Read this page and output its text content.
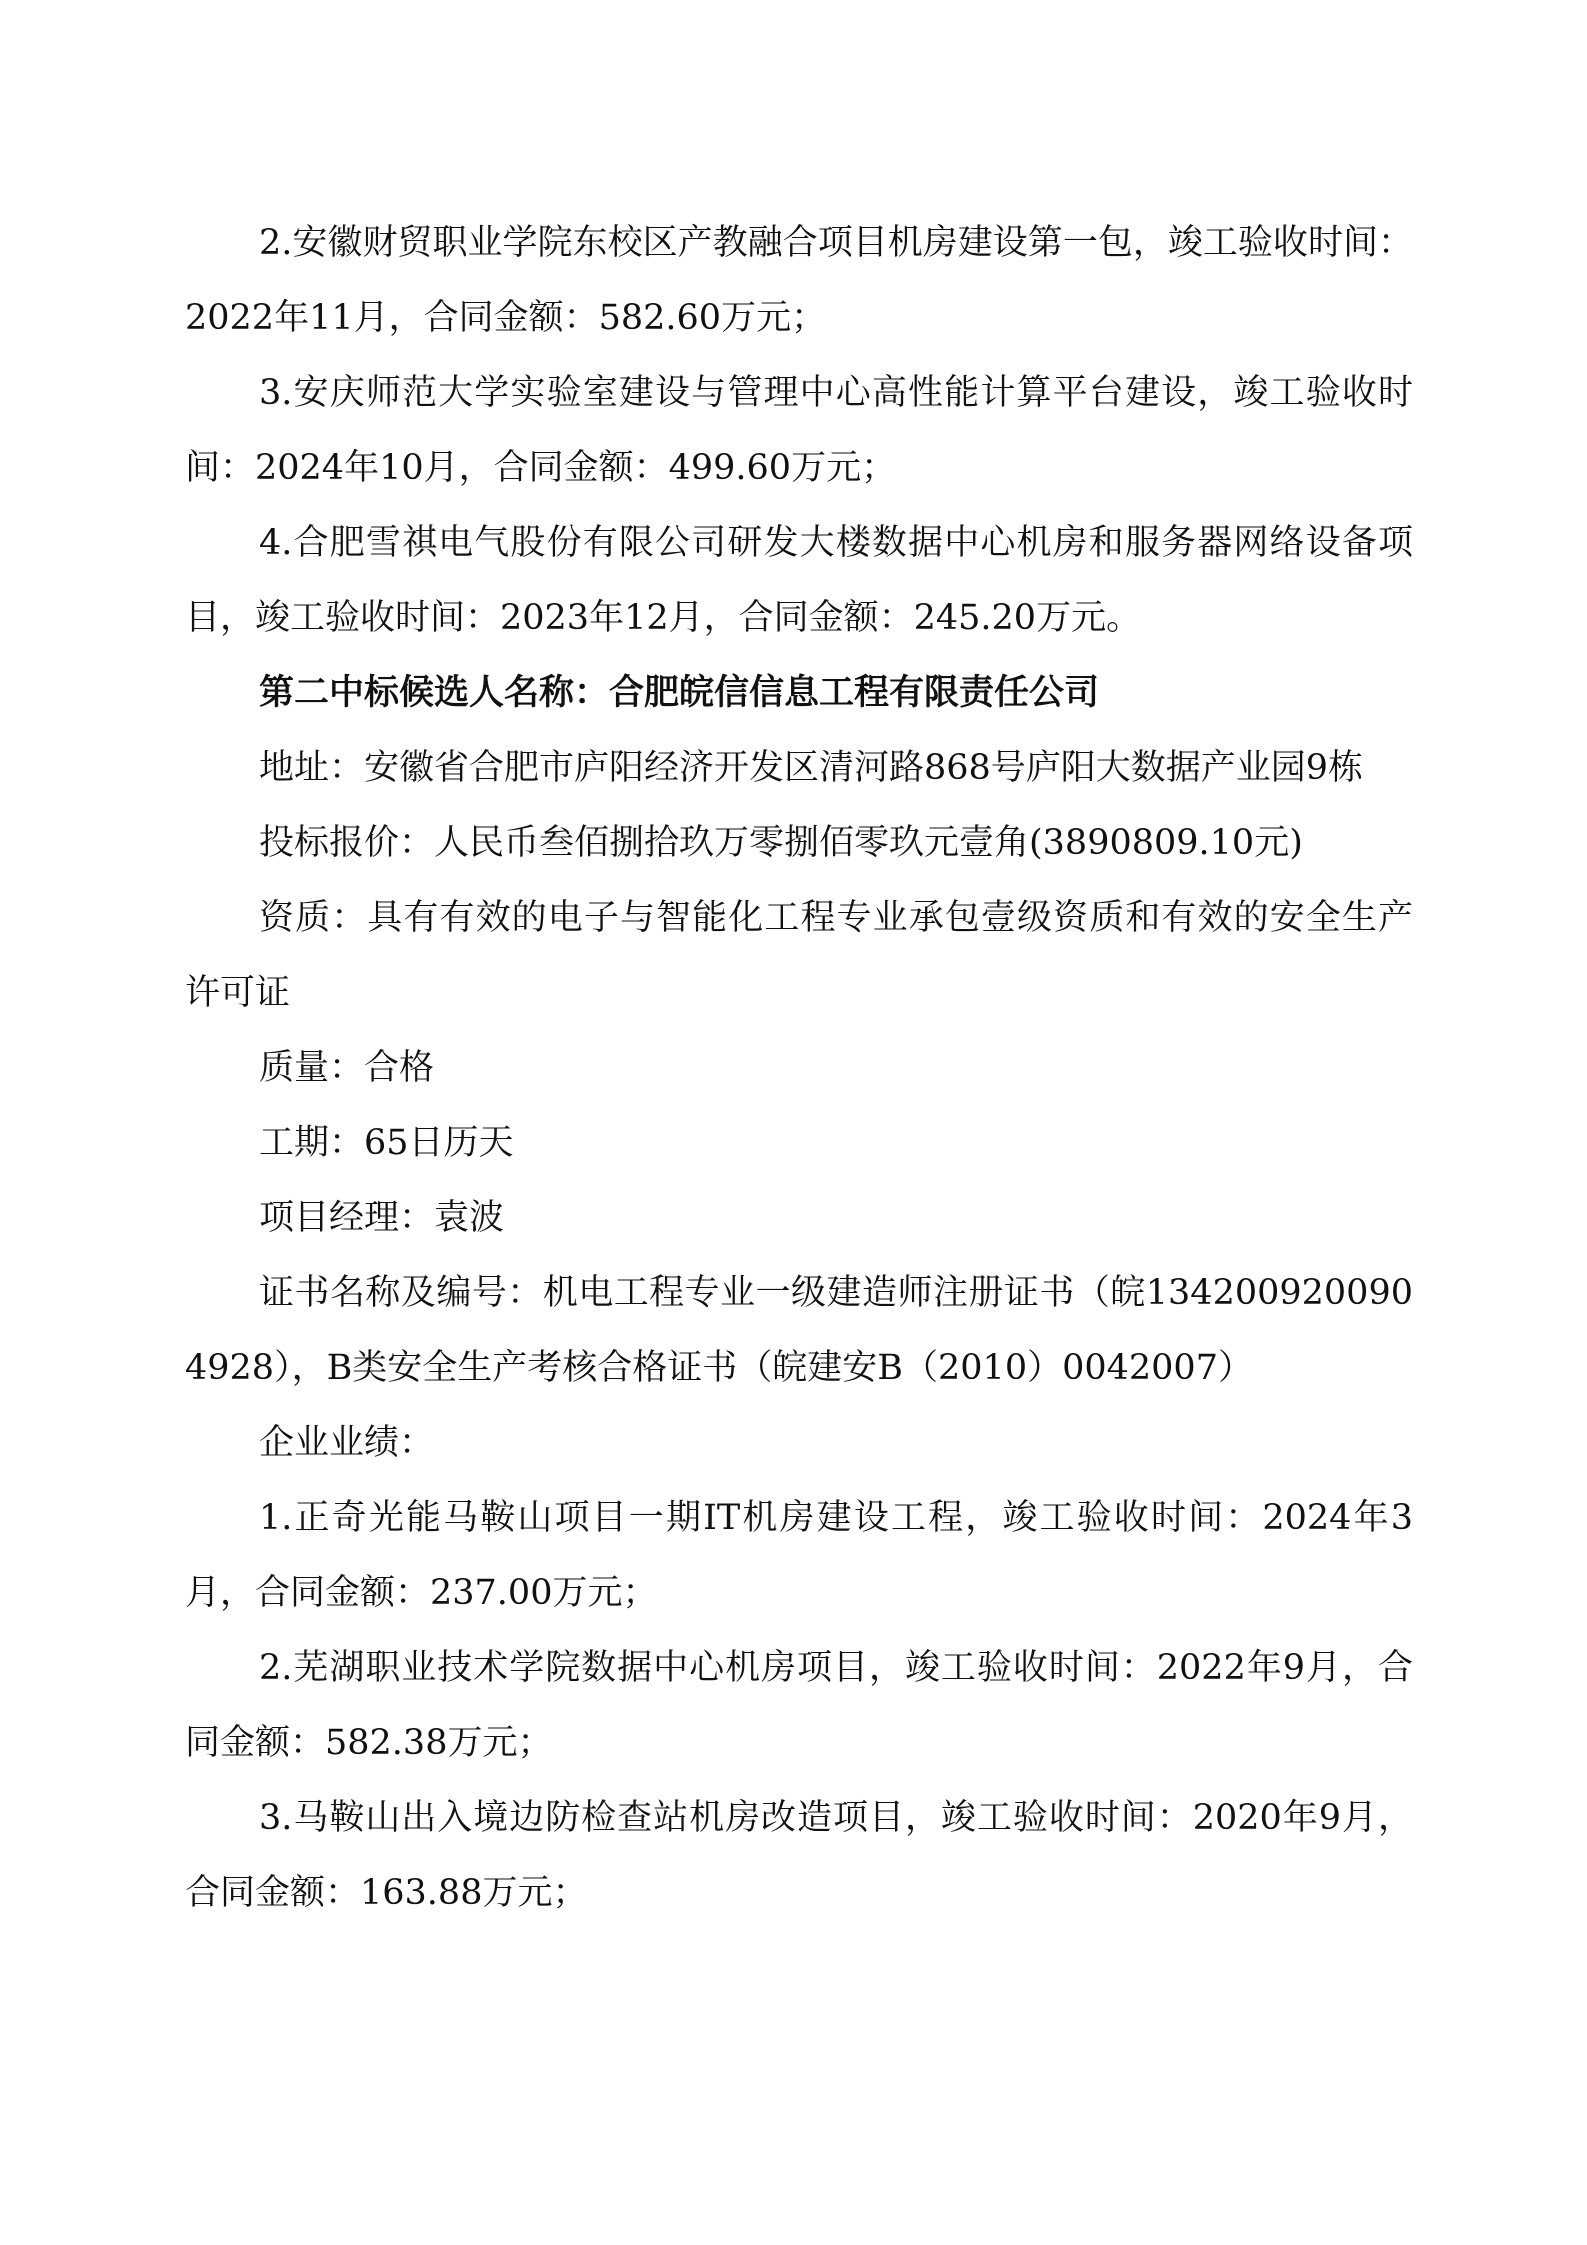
2.安徽财贸职业学院东校区产教融合项目机房建设第一包，竣工验收时间：2022年11月，合同金额：582.60万元；

3.安庆师范大学实验室建设与管理中心高性能计算平台建设，竣工验收时间：2024年10月，合同金额：499.60万元；

4.合肥雪祺电气股份有限公司研发大楼数据中心机房和服务器网络设备项目，竣工验收时间：2023年12月，合同金额：245.20万元。

第二中标候选人名称：合肥皖信信息工程有限责任公司

地址：安徽省合肥市庐阳经济开发区清河路868号庐阳大数据产业园9栋

投标报价：人民币叁佰捌拾玖万零捌佰零玖元壹角(3890809.10元)

资质：具有有效的电子与智能化工程专业承包壹级资质和有效的安全生产许可证

质量：合格

工期：65日历天

项目经理：袁波

证书名称及编号：机电工程专业一级建造师注册证书（皖134200920090 4928），B类安全生产考核合格证书（皖建安B（2010）0042007）

企业业绩：

1.正奇光能马鞍山项目一期IT机房建设工程，竣工验收时间：2024年3月，合同金额：237.00万元；

2.芜湖职业技术学院数据中心机房项目，竣工验收时间：2022年9月，合同金额：582.38万元；

3.马鞍山出入境边防检查站机房改造项目，竣工验收时间：2020年9月，合同金额：163.88万元；
